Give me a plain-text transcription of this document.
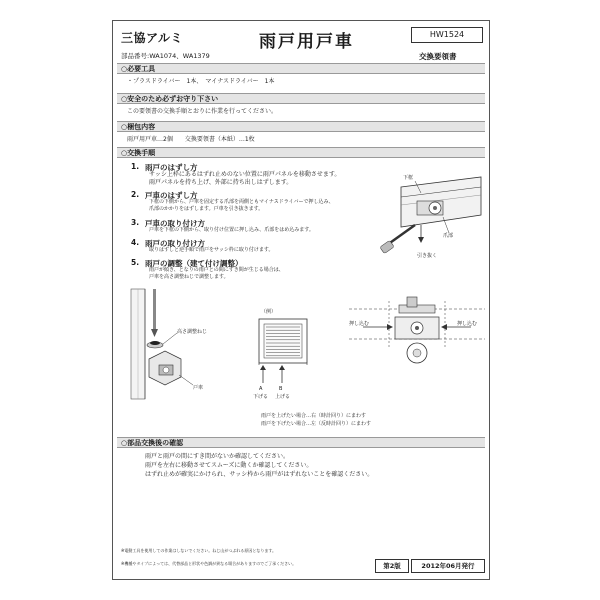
三協アルミ	雨戸用戸車	HW1524
部品番号:WA1074、WA1379	交換要領書
○必要工具
・プラスドライバー　1本、　マイナスドライバー　1本
○安全のため必ずお守り下さい
この要領書の交換手順とおりに作業を行ってください。
○梱包内容
雨戸用戸車…2個　　交換要領書（本紙）…1枚
○交換手順
1. 雨戸のはずし方
サッシ上枠にあるはずれ止めのない位置に雨戸パネルを移動させます。
雨戸パネルを持ち上げ、外部に持ち出しはずします。
2. 戸車のはずし方
下框の下側から、戸車を固定する爪部を両側ともマイナスドライバーで押し込み、
爪部のかかりをはずします。戸車を引き抜きます。
3. 戸車の取り付け方
戸車を下框の下側から、取り付け位置に押し込み、爪部をはめ込みます。
4. 雨戸の取り付け方
取りはずしと逆手順で雨戸をサッシ枠に取り付けます。
5. 雨戸の調整（建て付け調整）
雨戸が傾き、となりの雨戸との間にすき間が生じる場合は、
戸車を高さ調整ねじで調整します。
下框
爪部
引き抜く
高さ調整ねじ
戸車
（例）
A	B
下げる 上げる
押し込む	押し込む
雨戸を上げたい場合…右（時計回り）にまわす
雨戸を下げたい場合…左（反時計回り）にまわす
○部品交換後の確認
雨戸と雨戸の間にすき間がないか確認してください。
雨戸を左右に移動させてスムーズに動くか確認してください。
はずれ止めが確実にかけられ、サッシ枠から雨戸がはずれないことを確認ください。
※電動工具を使用しての作業はしないでください。ねじ山がつぶれる原因となります。
※機種やタイプによっては、代替部品と形状や色調が異なる場合がありますのでご了承ください。	第2版	2012年06月発行
